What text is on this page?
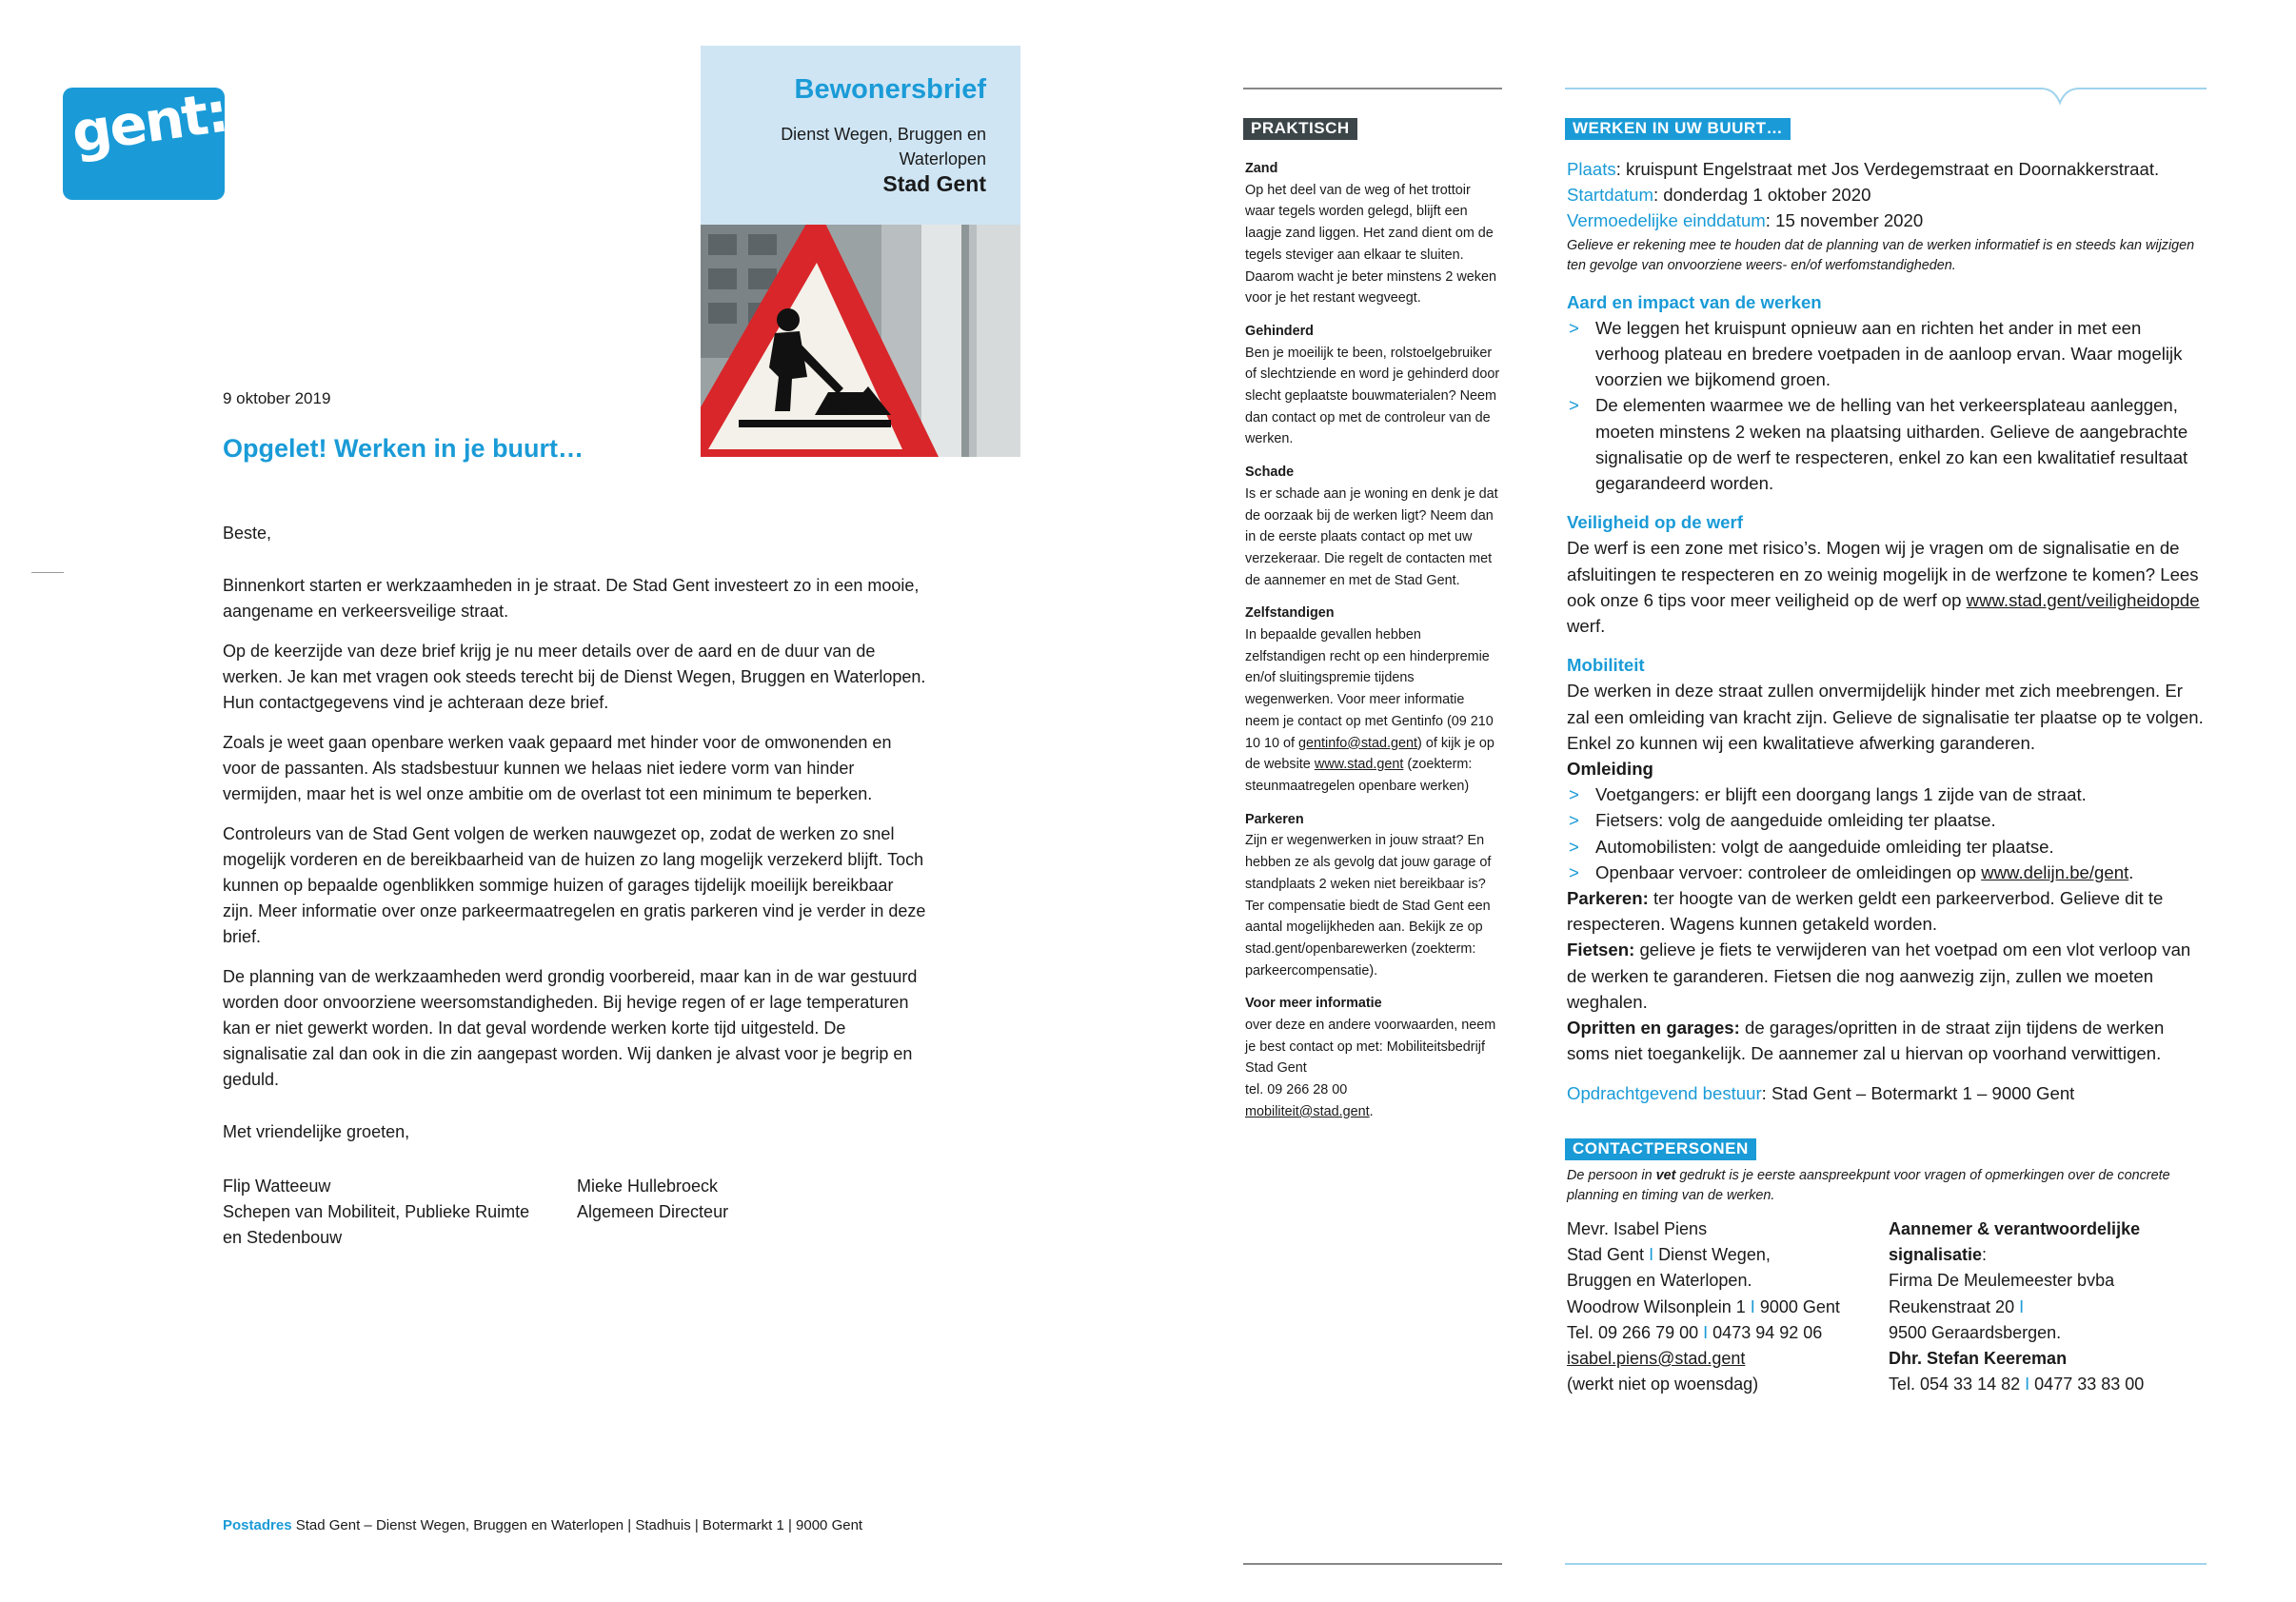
gent:	Bewonersbrief
Dienst Wegen, Bruggen en Waterlopen
Stad Gent
9 oktober 2019
Opgelet! Werken in je buurt…
Beste,

Binnenkort starten er werkzaamheden in je straat. De Stad Gent investeert zo in een mooie, aangename en verkeersveilige straat.

Op de keerzijde van deze brief krijg je nu meer details over de aard en de duur van de werken. Je kan met vragen ook steeds terecht bij de Dienst Wegen, Bruggen en Waterlopen. Hun contactgegevens vind je achteraan deze brief.

Zoals je weet gaan openbare werken vaak gepaard met hinder voor de omwonenden en voor de passanten. Als stadsbestuur kunnen we helaas niet iedere vorm van hinder vermijden, maar het is wel onze ambitie om de overlast tot een minimum te beperken.

Controleurs van de Stad Gent volgen de werken nauwgezet op, zodat de werken zo snel mogelijk vorderen en de bereikbaarheid van de huizen zo lang mogelijk verzekerd blijft. Toch kunnen op bepaalde ogenblikken sommige huizen of garages tijdelijk moeilijk bereikbaar zijn. Meer informatie over onze parkeermaatregelen en gratis parkeren vind je verder in deze brief.

De planning van de werkzaamheden werd grondig voorbereid, maar kan in de war gestuurd worden door onvoorziene weersomstandigheden. Bij hevige regen of er lage temperaturen kan er niet gewerkt worden. In dat geval wordende werken korte tijd uitgesteld. De signalisatie zal dan ook in die zin aangepast worden. Wij danken je alvast voor je begrip en geduld.

Met vriendelijke groeten,
Flip Watteeuw
Schepen van Mobiliteit, Publieke Ruimte en Stedenbouw
Mieke Hullebroeck
Algemeen Directeur
Postadres Stad Gent – Dienst Wegen, Bruggen en Waterlopen | Stadhuis | Botermarkt 1 | 9000 Gent
PRAKTISCH
Zand

Op het deel van de weg of het trottoir waar tegels worden gelegd, blijft een laagje zand liggen. Het zand dient om de tegels steviger aan elkaar te sluiten. Daarom wacht je beter minstens 2 weken voor je het restant wegveegt.

Gehinderd

Ben je moeilijk te been, rolstoelgebruiker of slechtziende en word je gehinderd door slecht geplaatste bouwmaterialen? Neem dan contact op met de controleur van de werken.

Schade

Is er schade aan je woning en denk je dat de oorzaak bij de werken ligt? Neem dan in de eerste plaats contact op met uw verzekeraar. Die regelt de contacten met de aannemer en met de Stad Gent.

Zelfstandigen

In bepaalde gevallen hebben zelfstandigen recht op een hinderpremie en/of sluitingspremie tijdens wegenwerken. Voor meer informatie neem je contact op met Gentinfo (09 210 10 10 of gentinfo@stad.gent) of kijk je op de website www.stad.gent (zoekterm: steunmaatregelen openbare werken)

Parkeren

Zijn er wegenwerken in jouw straat? En hebben ze als gevolg dat jouw garage of standplaats 2 weken niet bereikbaar is? Ter compensatie biedt de Stad Gent een aantal mogelijkheden aan. Bekijk ze op stad.gent/openbarewerken (zoekterm: parkeercompensatie).

Voor meer informatie

over deze en andere voorwaarden, neem je best contact op met: Mobiliteitsbedrijf Stad Gent
tel. 09 266 28 00
mobiliteit@stad.gent.

WERKEN IN UW BUURT…
Plaats: kruispunt Engelstraat met Jos Verdegemstraat en Doornakkerstraat.
Startdatum: donderdag 1 oktober 2020
Vermoedelijke einddatum: 15 november 2020
Gelieve er rekening mee te houden dat de planning van de werken informatief is en steeds kan wijzigen ten gevolge van onvoorziene weers- en/of werfomstandigheden.
Aard en impact van de werken
> We leggen het kruispunt opnieuw aan en richten het ander in met een verhoog plateau en bredere voetpaden in de aanloop ervan. Waar mogelijk voorzien we bijkomend groen.
> De elementen waarmee we de helling van het verkeersplateau aanleggen, moeten minstens 2 weken na plaatsing uitharden. Gelieve de aangebrachte signalisatie op de werf te respecteren, enkel zo kan een kwalitatief resultaat gegarandeerd worden.
Veiligheid op de werf
De werf is een zone met risico’s. Mogen wij je vragen om de signalisatie en de afsluitingen te respecteren en zo weinig mogelijk in de werfzone te komen? Lees ook onze 6 tips voor meer veiligheid op de werf op www.stad.gent/veiligheidopde werf.
Mobiliteit
De werken in deze straat zullen onvermijdelijk hinder met zich meebrengen. Er zal een omleiding van kracht zijn. Gelieve de signalisatie ter plaatse op te volgen. Enkel zo kunnen wij een kwalitatieve afwerking garanderen.
Omleiding
> Voetgangers: er blijft een doorgang langs 1 zijde van de straat.
> Fietsers: volg de aangeduide omleiding ter plaatse.
> Automobilisten: volgt de aangeduide omleiding ter plaatse.
> Openbaar vervoer: controleer de omleidingen op www.delijn.be/gent.
Parkeren: ter hoogte van de werken geldt een parkeerverbod. Gelieve dit te respecteren. Wagens kunnen getakeld worden.
Fietsen: gelieve je fiets te verwijderen van het voetpad om een vlot verloop van de werken te garanderen. Fietsen die nog aanwezig zijn, zullen we moeten weghalen.
Opritten en garages: de garages/opritten in de straat zijn tijdens de werken soms niet toegankelijk. De aannemer zal u hiervan op voorhand verwittigen.
Opdrachtgevend bestuur: Stad Gent – Botermarkt 1 – 9000 Gent
CONTACTPERSONEN
De persoon in vet gedrukt is je eerste aanspreekpunt voor vragen of opmerkingen over de concrete planning en timing van de werken.
Mevr. Isabel Piens
Stad Gent I Dienst Wegen,
Bruggen en Waterlopen.
Woodrow Wilsonplein 1 I 9000 Gent
Tel. 09 266 79 00 I 0473 94 92 06
isabel.piens@stad.gent
(werkt niet op woensdag)
Aannemer & verantwoordelijke signalisatie:
Firma De Meulemeester bvba
Reukenstraat 20 I
9500 Geraardsbergen.
Dhr. Stefan Keereman
Tel. 054 33 14 82 I 0477 33 83 00
